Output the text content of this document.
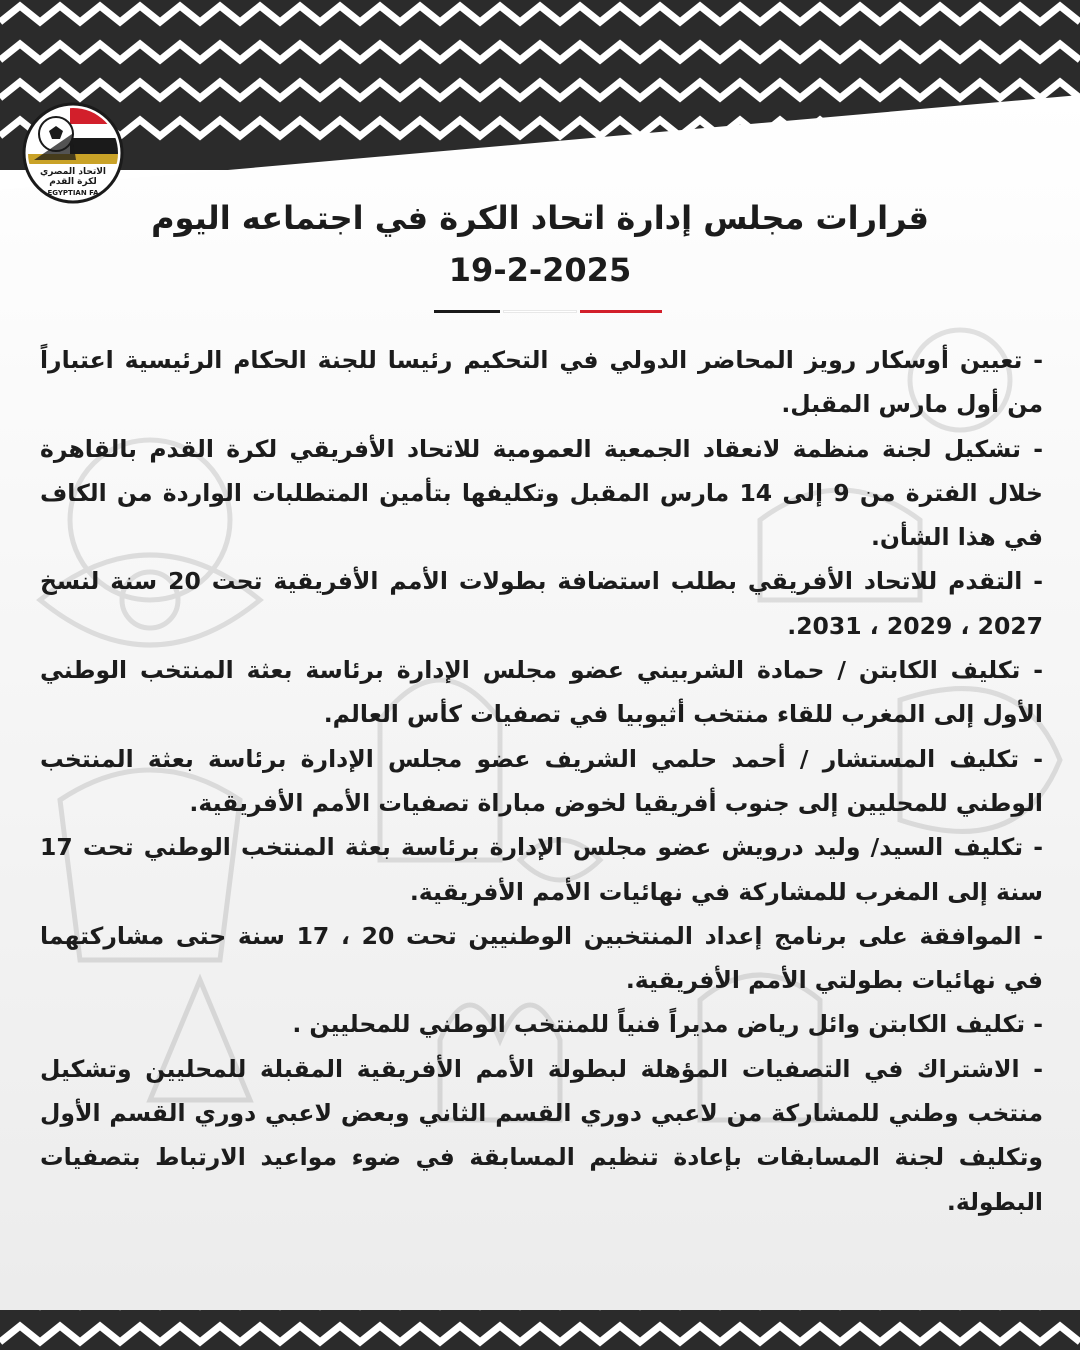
الاتحاد المصري
لكرة القدم
EGYPTIAN FA
قرارات مجلس إدارة اتحاد الكرة في اجتماعه اليوم
19-2-2025

- تعيين أوسكار رويز المحاضر الدولي في التحكيم رئيسا للجنة الحكام الرئيسية اعتباراً من أول مارس المقبل.

- تشكيل لجنة منظمة لانعقاد الجمعية العمومية للاتحاد الأفريقي لكرة القدم بالقاهرة خلال الفترة من 9 إلى 14 مارس المقبل وتكليفها بتأمين المتطلبات الواردة من الكاف في هذا الشأن.

- التقدم للاتحاد الأفريقي بطلب استضافة بطولات الأمم الأفريقية تحت 20 سنة لنسخ 2027 ، 2029 ، 2031.

- تكليف الكابتن / حمادة الشربيني عضو مجلس الإدارة برئاسة بعثة المنتخب الوطني الأول إلى المغرب للقاء منتخب أثيوبيا في تصفيات كأس العالم.

- تكليف المستشار / أحمد حلمي الشريف عضو مجلس الإدارة برئاسة بعثة المنتخب الوطني للمحليين إلى جنوب أفريقيا لخوض مباراة تصفيات الأمم الأفريقية.

- تكليف السيد/ وليد درويش عضو مجلس الإدارة برئاسة بعثة المنتخب الوطني تحت 17 سنة إلى المغرب للمشاركة في نهائيات الأمم الأفريقية.

- الموافقة على برنامج إعداد المنتخبين الوطنيين تحت 20 ، 17 سنة حتى مشاركتهما في نهائيات بطولتي الأمم الأفريقية.

- تكليف الكابتن وائل رياض مديراً فنياً للمنتخب الوطني للمحليين .

- الاشتراك في التصفيات المؤهلة لبطولة الأمم الأفريقية المقبلة للمحليين وتشكيل منتخب وطني للمشاركة من لاعبي دوري القسم الثاني وبعض لاعبي دوري القسم الأول وتكليف لجنة المسابقات بإعادة تنظيم المسابقة في ضوء مواعيد الارتباط بتصفيات البطولة.
